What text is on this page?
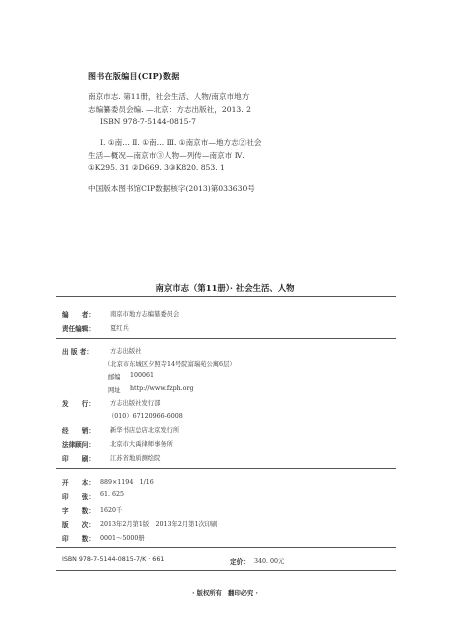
图书在版编目(CIP)数据
南京市志. 第11册，社会生活、人物/南京市地方
志编纂委员会编. —北京：方志出版社，2013. 2
ISBN 978-7-5144-0815-7
Ⅰ. ①南… Ⅱ. ①南… Ⅲ. ①南京市—地方志②社会
生活—概况—南京市③人物—列传—南京市 Ⅳ.
①K295. 31 ②D669. 3③K820. 853. 1
中国版本图书馆CIP数据核字(2013)第033630号
南京市志（第11册）· 社会生活、人物
编　　者： 南京市地方志编纂委员会
责任编辑： 夏红兵
出 版 者：	方志出版社
（北京市东城区夕照寺14号院富瑞苑公寓6层）
邮编 100061
网址 http://www.fzph.org
发　　行： 方志出版社发行部
（010）67120966-6008
经　　销： 新华书店总店北京发行所
法律顾问： 北京市大禹律师事务所
印　　刷： 江苏省地质测绘院
开　　本： 889×1194　1/16
印　　张： 61. 625
字　　数： 1620千
版　　次： 2013年2月第1版　2013年2月第1次印刷
印　　数： 0001～5000册
ISBN 978-7-5144-0815-7/K · 661	定价： 340. 00元
· 版权所有　翻印必究 ·
